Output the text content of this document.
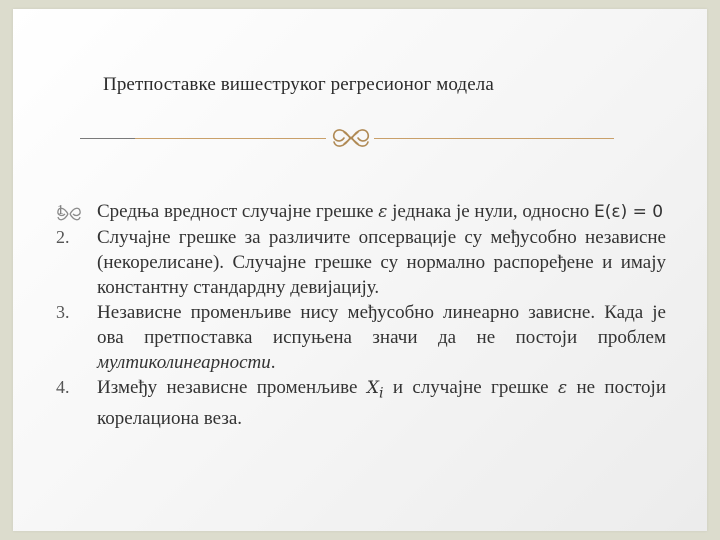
Претпоставке вишеструког регресионог модела
1 Средња вредност случајне грешке ε једнака је нули, односно E(ε) = 0
2.	Случајне грешке за различите опсервације су међусобно независне (некорелисане). Случајне грешке су нормално распоређене и имају константну стандардну девијацију.
3.	Независне променљиве нису међусобно линеарно зависне. Када је ова претпоставка испуњена значи да не постоји проблем мултиколинеарности.
4.	Између независне променљиве $X_i$ и случајне грешке ε не постоји корелациона веза.
